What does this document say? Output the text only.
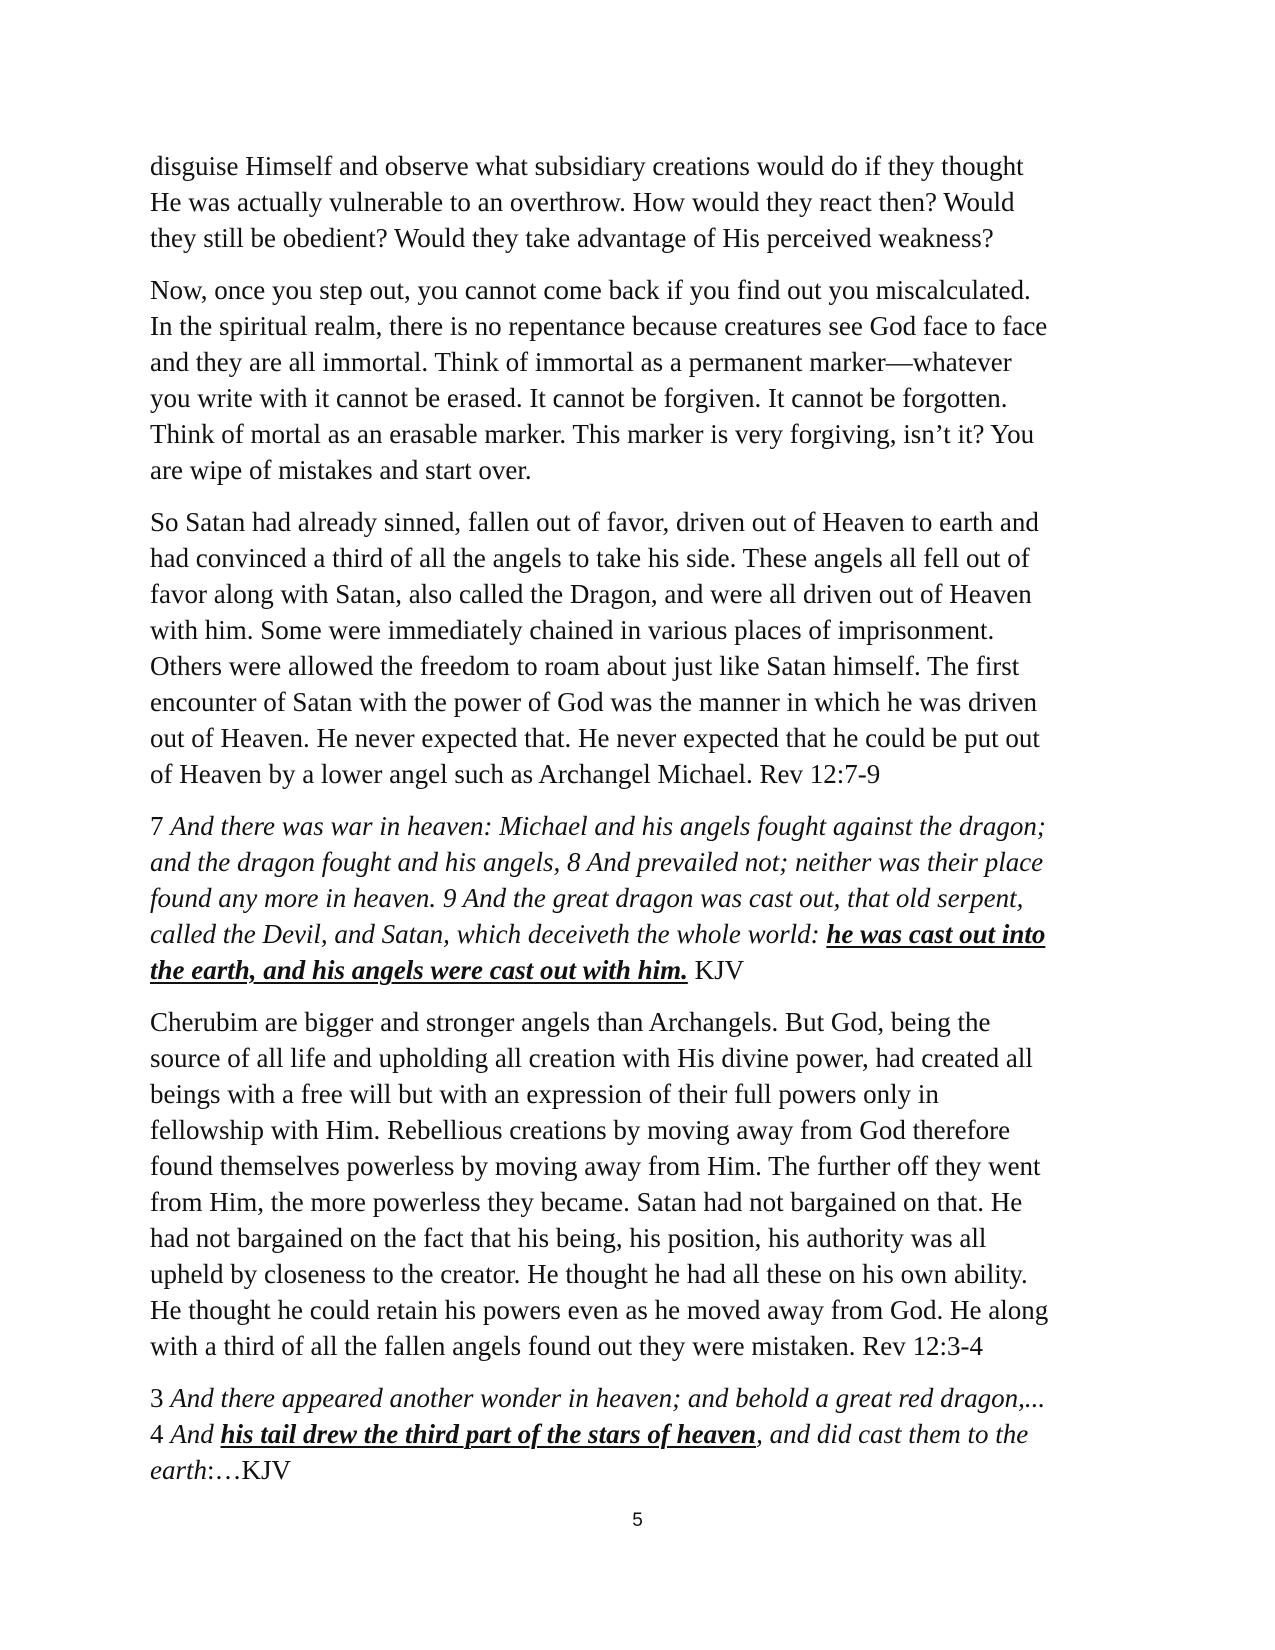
disguise Himself and observe what subsidiary creations would do if they thought
He was actually vulnerable to an overthrow. How would they react then? Would
they still be obedient? Would they take advantage of His perceived weakness?

Now, once you step out, you cannot come back if you find out you miscalculated.
In the spiritual realm, there is no repentance because creatures see God face to face
and they are all immortal. Think of immortal as a permanent marker—whatever
you write with it cannot be erased. It cannot be forgiven. It cannot be forgotten.
Think of mortal as an erasable marker. This marker is very forgiving, isn’t it? You
are wipe of mistakes and start over.

So Satan had already sinned, fallen out of favor, driven out of Heaven to earth and
had convinced a third of all the angels to take his side. These angels all fell out of
favor along with Satan, also called the Dragon, and were all driven out of Heaven
with him. Some were immediately chained in various places of imprisonment.
Others were allowed the freedom to roam about just like Satan himself. The first
encounter of Satan with the power of God was the manner in which he was driven
out of Heaven. He never expected that. He never expected that he could be put out
of Heaven by a lower angel such as Archangel Michael. Rev 12:7-9

7 And there was war in heaven: Michael and his angels fought against the dragon;
and the dragon fought and his angels, 8 And prevailed not; neither was their place
found any more in heaven. 9 And the great dragon was cast out, that old serpent,
called the Devil, and Satan, which deceiveth the whole world: he was cast out into
the earth, and his angels were cast out with him. KJV

Cherubim are bigger and stronger angels than Archangels. But God, being the
source of all life and upholding all creation with His divine power, had created all
beings with a free will but with an expression of their full powers only in
fellowship with Him. Rebellious creations by moving away from God therefore
found themselves powerless by moving away from Him. The further off they went
from Him, the more powerless they became. Satan had not bargained on that. He
had not bargained on the fact that his being, his position, his authority was all
upheld by closeness to the creator. He thought he had all these on his own ability.
He thought he could retain his powers even as he moved away from God. He along
with a third of all the fallen angels found out they were mistaken. Rev 12:3-4

3 And there appeared another wonder in heaven; and behold a great red dragon,...
4 And his tail drew the third part of the stars of heaven, and did cast them to the
earth:…KJV

5
